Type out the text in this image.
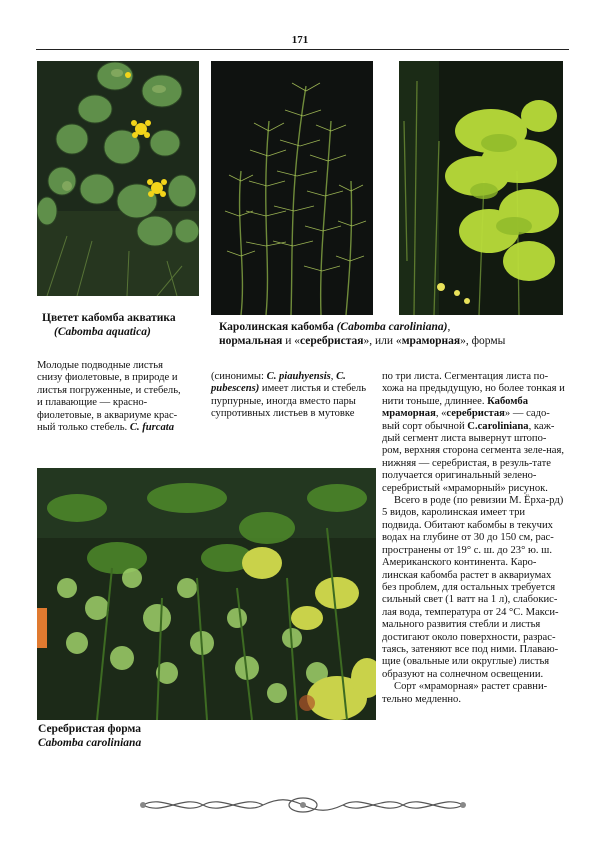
171
Цветет кабомба акватика
(Cabomba aquatica)	Каролинская кабомба (Cabomba caroliniana),
нормальная и «серебристая», или «мраморная», формы
Молодые подводные листья
снизу фиолетовые, в природе и
листья погруженные, и стебель,
и плавающие — красно-
фиолетовые, в аквариуме крас-
ный только стебель. C. furcata
(синонимы: C. piauhyensis, C. pubescens) имеет листья и стебель пурпурные, иногда вместо пары супротивных листьев в мутовке

по три листа. Сегментация листа по-хожа на предыдущую, но более тонкая и нити тоньше, длиннее. Кабомба мраморная, «серебристая» — садо-вый сорт обычной C.caroliniana, каж-дый сегмент листа вывернут штопо-ром, верхняя сторона сегмента зеле-ная, нижняя — серебристая, в резуль-тате получается оригинальный зелено-серебристый «мраморный» рисунок.

Всего в роде (по ревизии М. Ёрха-рд) 5 видов, каролинская имеет три подвида. Обитают кабомбы в текучих водах на глубине от 30 до 150 см, рас-пространены от 19° с. ш. до 23° ю. ш. Американского континента. Каро-линская кабомба растет в аквариумах без проблем, для остальных требуется сильный свет (1 ватт на 1 л), слабокис-лая вода, температура от 24 °С. Макси-мального развития стебли и листья достигают около поверхности, разрас-таясь, затеняют все под ними. Плаваю-щие (овальные или округлые) листья образуют на солнечном освещении.

Сорт «мраморная» растет сравни-тельно медленно.

Серебристая форма
Cabomba caroliniana
